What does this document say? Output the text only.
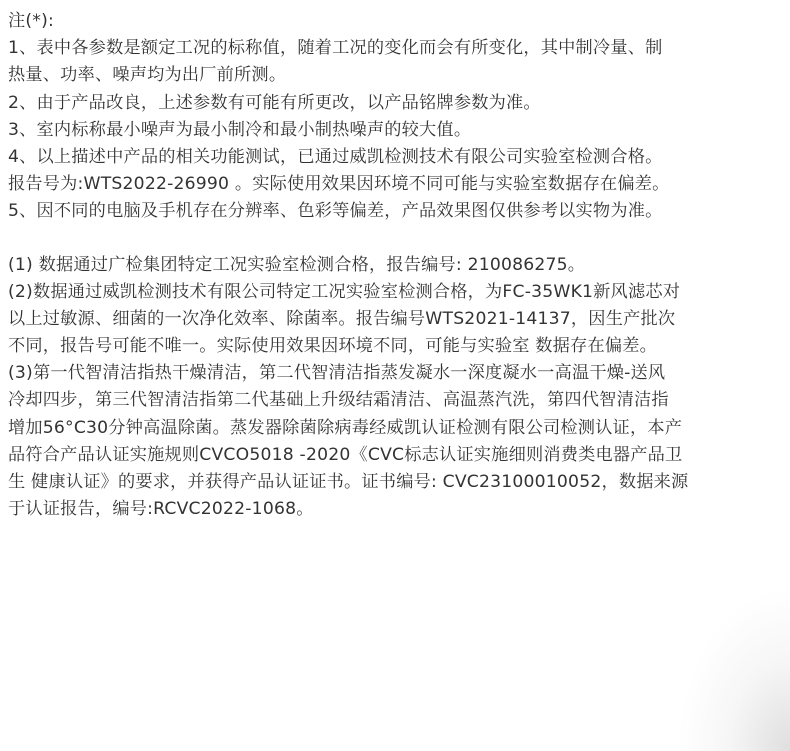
注(*):
1、表中各参数是额定工况的标称值，随着工况的变化而会有所变化，其中制冷量、制
热量、功率、噪声均为出厂前所测。
2、由于产品改良，上述参数有可能有所更改，以产品铭牌参数为准。
3、室内标称最小噪声为最小制冷和最小制热噪声的较大值。
4、以上描述中产品的相关功能测试，已通过威凯检测技术有限公司实验室检测合格。
报告号为:WTS2022-26990 。实际使用效果因环境不同可能与实验室数据存在偏差。
5、因不同的电脑及手机存在分辨率、色彩等偏差，产品效果图仅供参考以实物为准。
(1) 数据通过广检集团特定工况实验室检测合格，报告编号: 210086275。
(2)数据通过威凯检测技术有限公司特定工况实验室检测合格，为FC-35WK1新风滤芯对
以上过敏源、细菌的一次净化效率、除菌率。报告编号WTS2021-14137，因生产批次
不同，报告号可能不唯一。实际使用效果因环境不同，可能与实验室 数据存在偏差。
(3)第一代智清洁指热干燥清洁，第二代智清洁指蒸发凝水一深度凝水一高温干燥-送风
冷却四步，第三代智清洁指第二代基础上升级结霜清洁、高温蒸汽洗，第四代智清洁指
增加56°C30分钟高温除菌。蒸发器除菌除病毒经威凯认证检测有限公司检测认证，本产
品符合产品认证实施规则CVCO5018 -2020《CVC标志认证实施细则消费类电器产品卫
生 健康认证》的要求，并获得产品认证证书。证书编号: CVC23100010052，数据来源
于认证报告，编号:RCVC2022-1068。
